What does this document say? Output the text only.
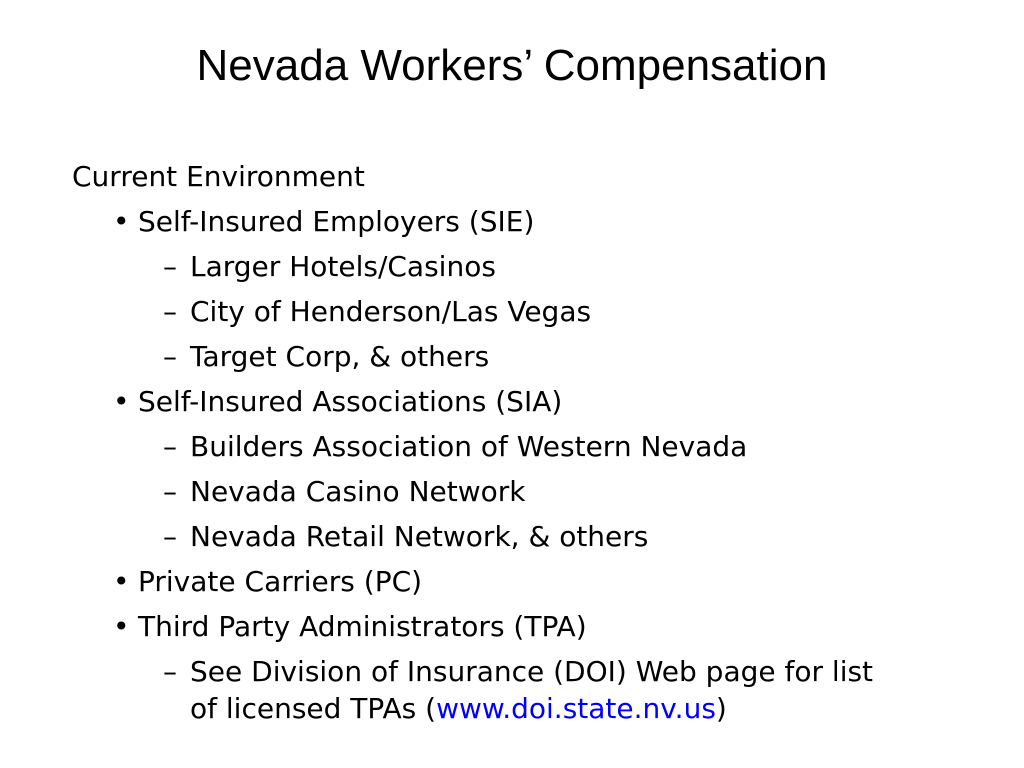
Nevada Workers’ Compensation
Current Environment
• Self-Insured Employers (SIE)
– Larger Hotels/Casinos
– City of Henderson/Las Vegas
– Target Corp, & others
• Self-Insured Associations (SIA)
– Builders Association of Western Nevada
– Nevada Casino Network
– Nevada Retail Network, & others
• Private Carriers (PC)
• Third Party Administrators (TPA)
– See Division of Insurance (DOI) Web page for list
of licensed TPAs (www.doi.state.nv.us)
